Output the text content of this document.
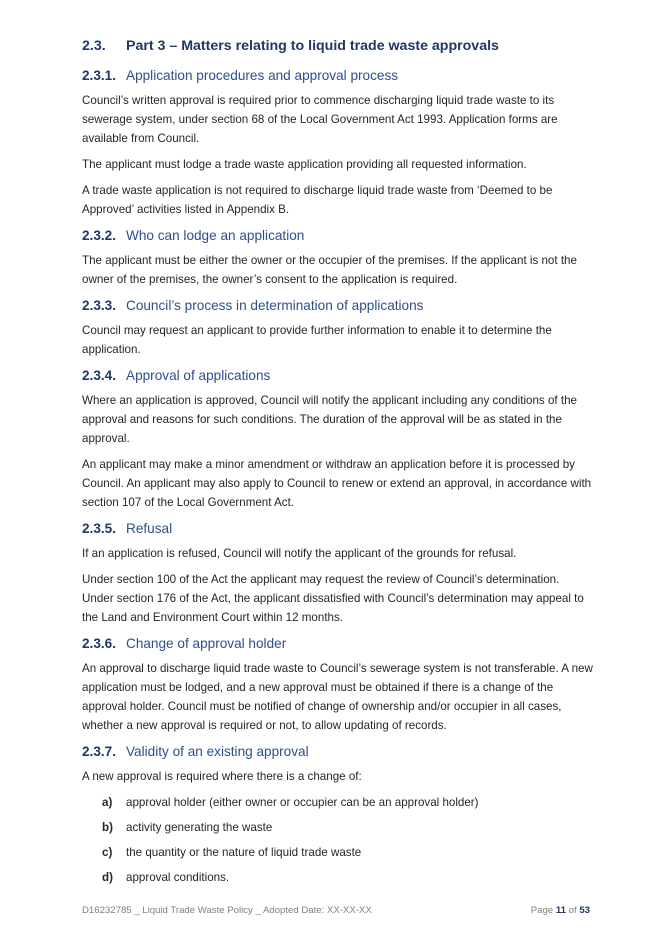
2.3. Part 3 – Matters relating to liquid trade waste approvals
2.3.1. Application procedures and approval process

Council’s written approval is required prior to commence discharging liquid trade waste to its sewerage system, under section 68 of the Local Government Act 1993. Application forms are available from Council.

The applicant must lodge a trade waste application providing all requested information.

A trade waste application is not required to discharge liquid trade waste from ‘Deemed to be Approved’ activities listed in Appendix B.

2.3.2. Who can lodge an application

The applicant must be either the owner or the occupier of the premises. If the applicant is not the owner of the premises, the owner’s consent to the application is required.

2.3.3. Council’s process in determination of applications

Council may request an applicant to provide further information to enable it to determine the application.

2.3.4. Approval of applications

Where an application is approved, Council will notify the applicant including any conditions of the approval and reasons for such conditions. The duration of the approval will be as stated in the approval.

An applicant may make a minor amendment or withdraw an application before it is processed by Council. An applicant may also apply to Council to renew or extend an approval, in accordance with section 107 of the Local Government Act.

2.3.5. Refusal

If an application is refused, Council will notify the applicant of the grounds for refusal.

Under section 100 of the Act the applicant may request the review of Council’s determination. Under section 176 of the Act, the applicant dissatisfied with Council’s determination may appeal to the Land and Environment Court within 12 months.

2.3.6. Change of approval holder

An approval to discharge liquid trade waste to Council’s sewerage system is not transferable. A new application must be lodged, and a new approval must be obtained if there is a change of the approval holder. Council must be notified of change of ownership and/or occupier in all cases, whether a new approval is required or not, to allow updating of records.

2.3.7. Validity of an existing approval

A new approval is required where there is a change of:

a)	approval holder (either owner or occupier can be an approval holder)
b)	activity generating the waste
c)	the quantity or the nature of liquid trade waste
d)	approval conditions.
D16232785 _ Liquid Trade Waste Policy _ Adopted Date: XX-XX-XX	Page 11 of 53
